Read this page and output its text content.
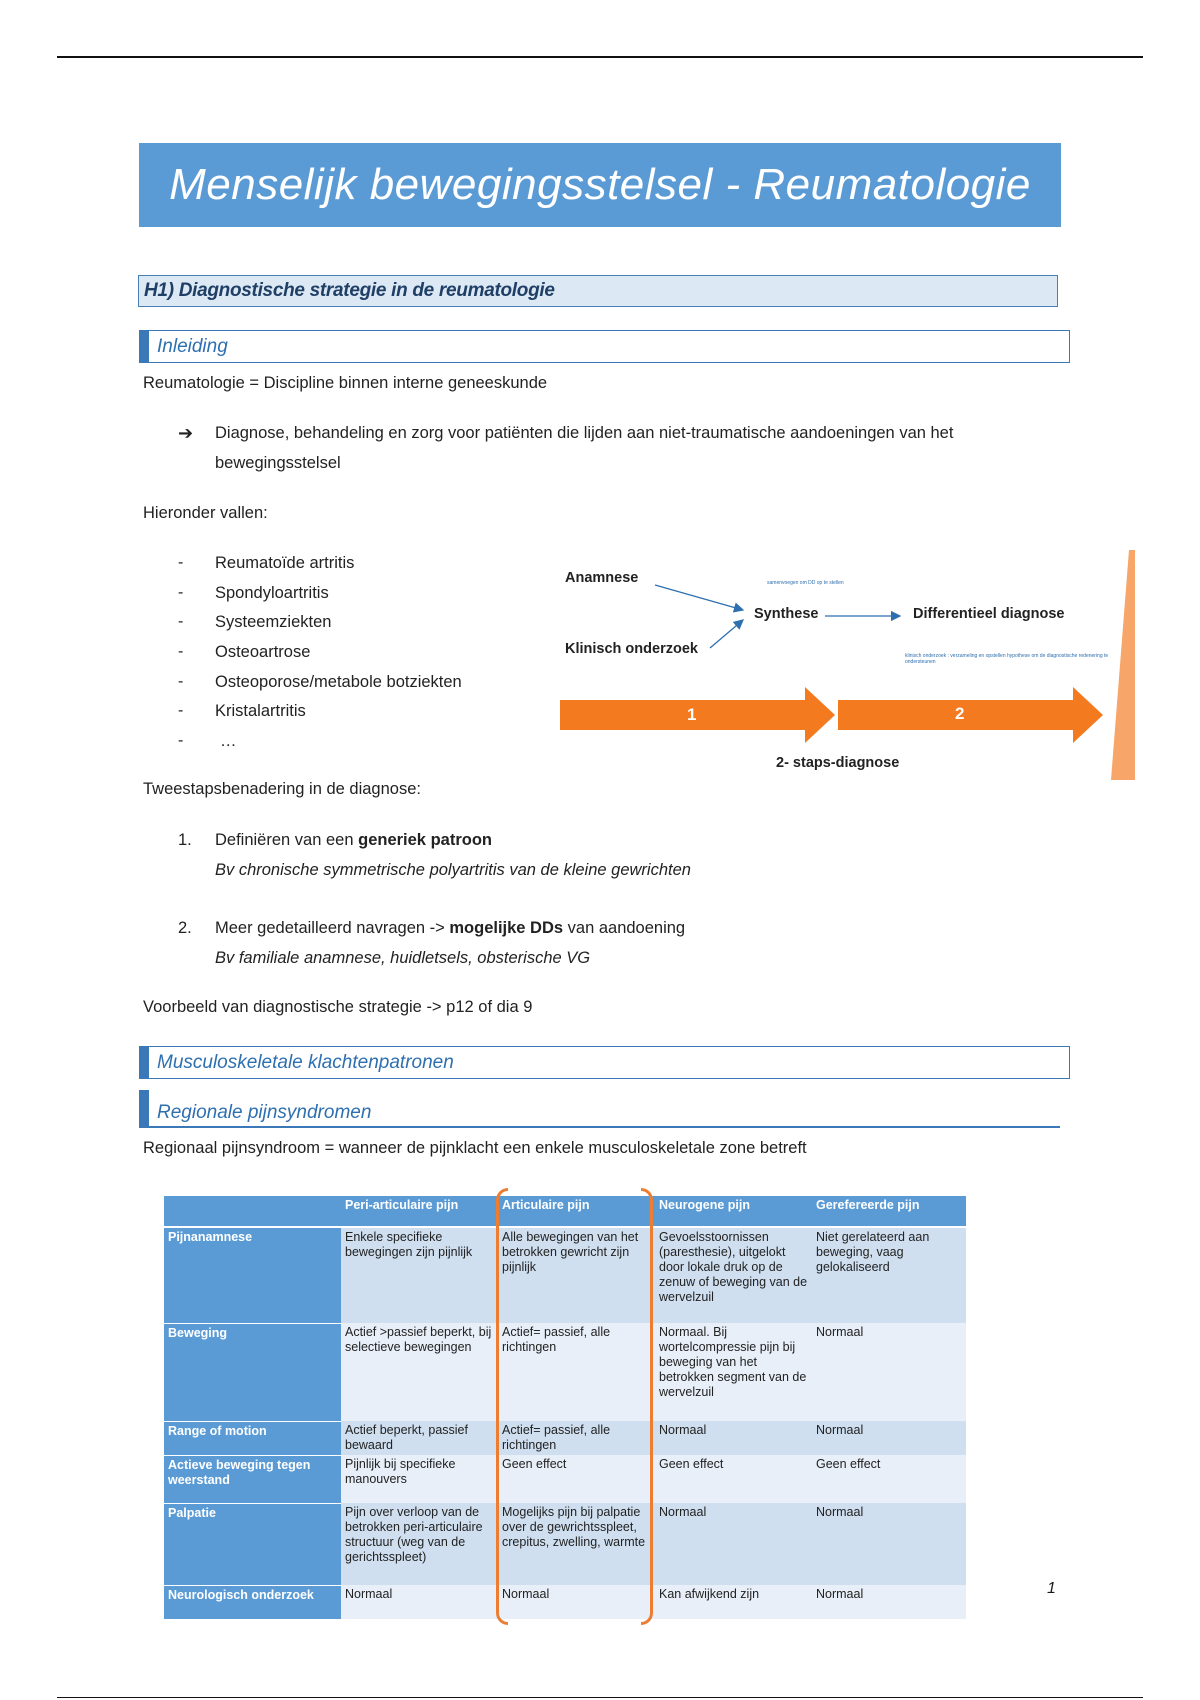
Menselijk bewegingsstelsel - Reumatologie
H1) Diagnostische strategie in de reumatologie
Inleiding
Reumatologie = Discipline binnen interne geneeskunde
➔ Diagnose, behandeling en zorg voor patiënten die lijden aan niet-traumatische aandoeningen van het
bewegingsstelsel
Hieronder vallen:
- Reumatoïde artritis
- Spondyloartritis
- Systeemziekten
- Osteoartrose
- Osteoporose/metabole botziekten
- Kristalartritis
- …
Anamnese
Klinisch onderzoek
Synthese	Differentieel diagnose
samenvoegen om DD op te stellen
klinisch onderzoek : verzameling en opstellen hypothese om de diagnostische redenering te ondersteunen
1	2
2- staps-diagnose
Tweestapsbenadering in de diagnose:
1. Definiëren van een generiek patroon
Bv chronische symmetrische polyartritis van de kleine gewrichten
2. Meer gedetailleerd navragen -> mogelijke DDs van aandoening
Bv familiale anamnese, huidletsels, obsterische VG
Voorbeeld van diagnostische strategie -> p12 of dia 9
Musculoskeletale klachtenpatronen
Regionale pijnsyndromen
Regionaal pijnsyndroom = wanneer de pijnklacht een enkele musculoskeletale zone betreft
	Peri-articulaire pijn	Articulaire pijn	Neurogene pijn	Gerefereerde pijn
Pijnanamnese	Enkele specifieke bewegingen zijn pijnlijk	Alle bewegingen van het betrokken gewricht zijn pijnlijk	Gevoelsstoornissen (paresthesie), uitgelokt door lokale druk op de zenuw of beweging van de wervelzuil	Niet gerelateerd aan beweging, vaag gelokaliseerd
Beweging	Actief >passief beperkt, bij selectieve bewegingen	Actief= passief, alle richtingen	Normaal. Bij wortelcompressie pijn bij beweging van het betrokken segment van de wervelzuil	Normaal
Range of motion	Actief beperkt, passief bewaard	Actief= passief, alle richtingen	Normaal	Normaal
Actieve beweging tegen weerstand	Pijnlijk bij specifieke manouvers	Geen effect	Geen effect	Geen effect
Palpatie	Pijn over verloop van de betrokken peri-articulaire structuur (weg van de gerichtsspleet)	Mogelijks pijn bij palpatie over de gewrichtsspleet, crepitus, zwelling, warmte	Normaal	Normaal
Neurologisch onderzoek	Normaal	Normaal	Kan afwijkend zijn	Normaal	1
